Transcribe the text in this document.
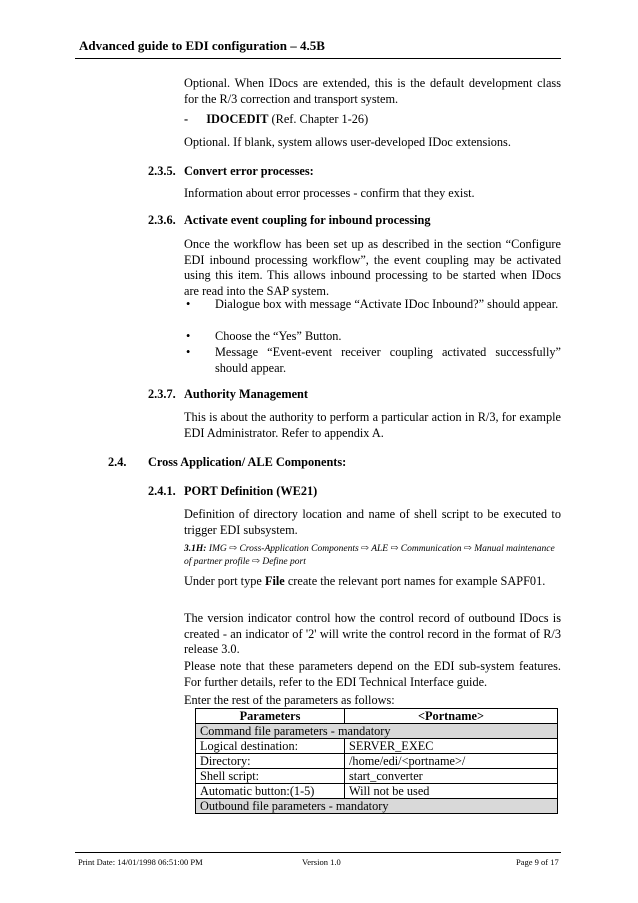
Advanced guide to EDI configuration – 4.5B
Optional. When IDocs are extended, this is the default development class for the R/3 correction and transport system.
- IDOCEDIT (Ref. Chapter 1-26)
Optional. If blank, system allows user-developed IDoc extensions.
2.3.5. Convert error processes:
Information about error processes - confirm that they exist.
2.3.6. Activate event coupling for inbound processing
Once the workflow has been set up as described in the section “Configure EDI inbound processing workflow”, the event coupling may be activated using this item. This allows inbound processing to be started when IDocs are read into the SAP system.
• Dialogue box with message “Activate IDoc Inbound?” should appear.
• Choose the “Yes” Button.
• Message “Event-event receiver coupling activated successfully” should appear.
2.3.7. Authority Management
This is about the authority to perform a particular action in R/3, for example EDI Administrator. Refer to appendix A.
2.4. Cross Application/ ALE Components:
2.4.1. PORT Definition (WE21)
Definition of directory location and name of shell script to be executed to trigger EDI subsystem.
3.1H: IMG ⇨ Cross-Application Components ⇨ ALE ⇨ Communication ⇨ Manual maintenance of partner profile ⇨ Define port
Under port type File create the relevant port names for example SAPF01.
The version indicator control how the control record of outbound IDocs is created - an indicator of '2' will write the control record in the format of R/3 release 3.0.
Please note that these parameters depend on the EDI sub-system features. For further details, refer to the EDI Technical Interface guide.
Enter the rest of the parameters as follows:
Parameters	<Portname>
Command file parameters - mandatory	
Logical destination:	SERVER_EXEC
Directory:	/home/edi/<portname>/
Shell script:	start_converter
Automatic button:(1-5)	Will not be used
Outbound file parameters - mandatory	
Print Date: 14/01/1998 06:51:00 PM	Version 1.0	Page 9 of 17
